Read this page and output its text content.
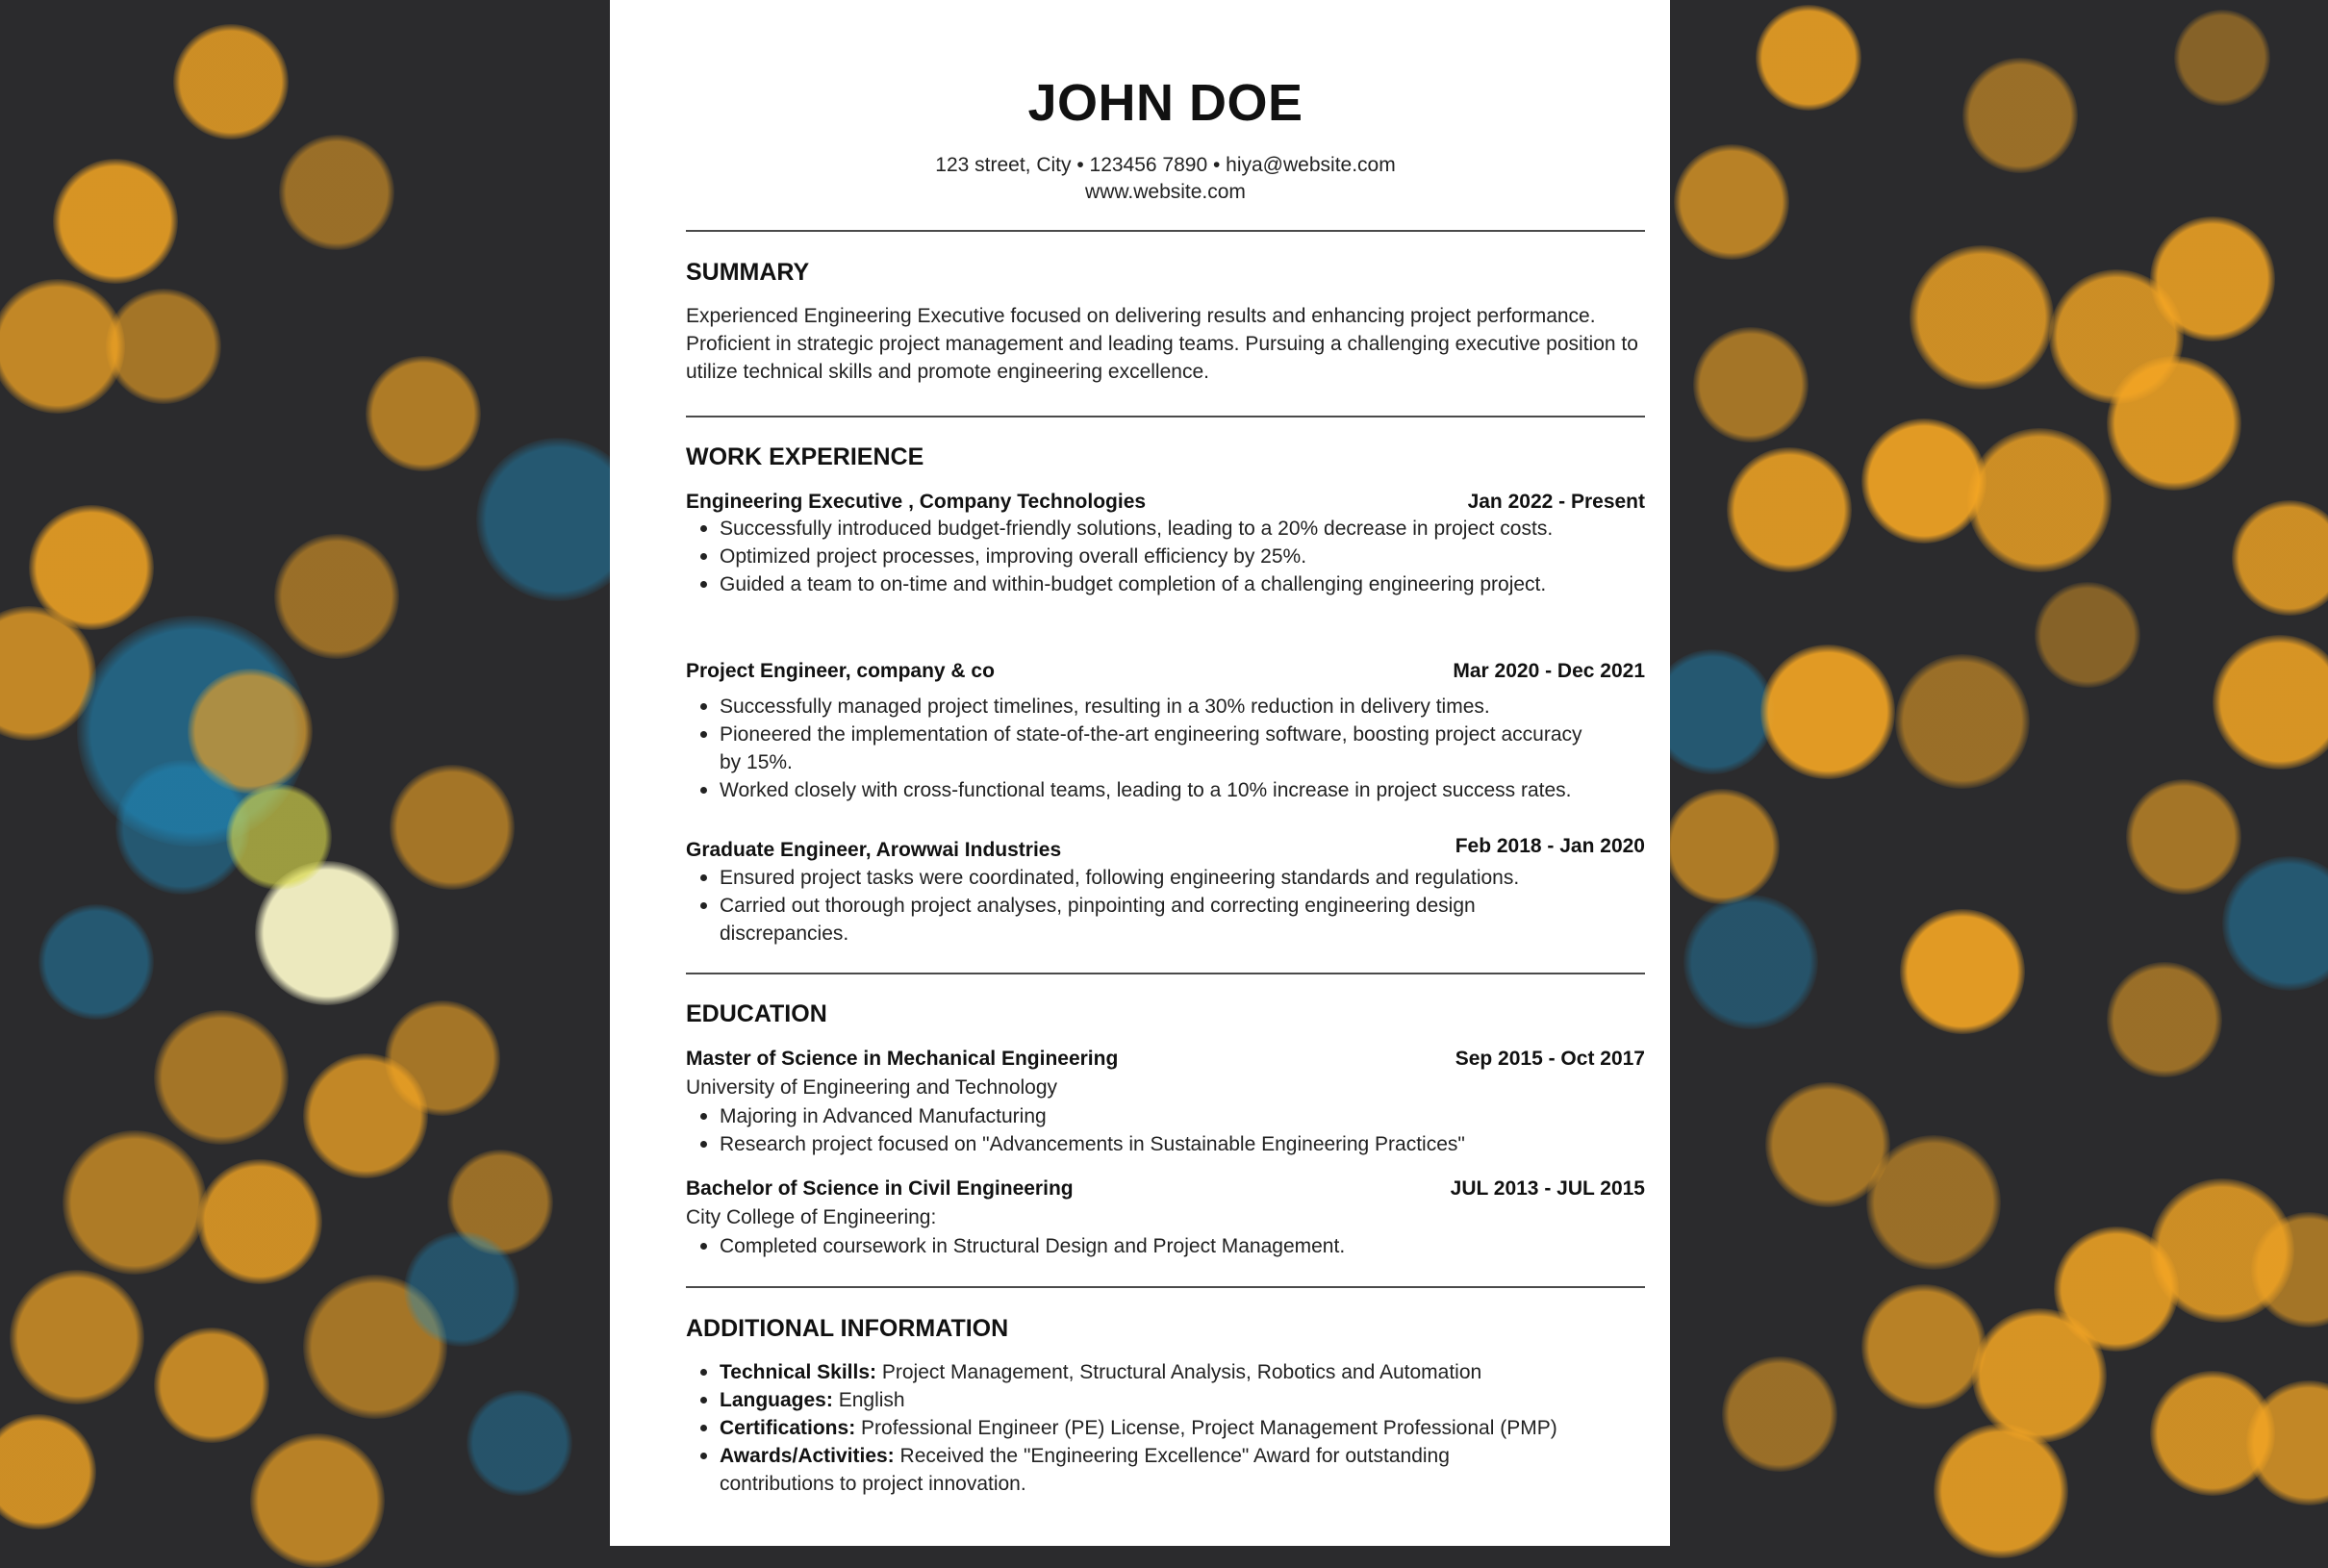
JOHN DOE
123 street, City • 123456 7890 • hiya@website.com
www.website.com
SUMMARY
Experienced Engineering Executive focused on delivering results and enhancing project performance. Proficient in strategic project management and leading teams. Pursuing a challenging executive position to utilize technical skills and promote engineering excellence.
WORK EXPERIENCE
Engineering Executive , Company Technologies	Jan 2022 - Present
Successfully introduced budget-friendly solutions, leading to a 20% decrease in project costs.
Optimized project processes, improving overall efficiency by 25%.
Guided a team to on-time and within-budget completion of a challenging engineering project.
Project Engineer, company & co	Mar 2020 - Dec 2021
Successfully managed project timelines, resulting in a 30% reduction in delivery times.
Pioneered the implementation of state-of-the-art engineering software, boosting project accuracy by 15%.
Worked closely with cross-functional teams, leading to a 10% increase in project success rates.
Graduate Engineer, Arowwai Industries	Feb 2018 - Jan 2020
Ensured project tasks were coordinated, following engineering standards and regulations.
Carried out thorough project analyses, pinpointing and correcting engineering design discrepancies.
EDUCATION
Master of Science in Mechanical Engineering	Sep 2015 - Oct 2017
University of Engineering and Technology
Majoring in Advanced Manufacturing
Research project focused on "Advancements in Sustainable Engineering Practices"
Bachelor of Science in Civil Engineering	JUL 2013 - JUL 2015
City College of Engineering:
Completed coursework in Structural Design and Project Management.
ADDITIONAL INFORMATION
Technical Skills: Project Management, Structural Analysis, Robotics and Automation
Languages: English
Certifications: Professional Engineer (PE) License, Project Management Professional (PMP)
Awards/Activities: Received the "Engineering Excellence" Award for outstanding contributions to project innovation.
